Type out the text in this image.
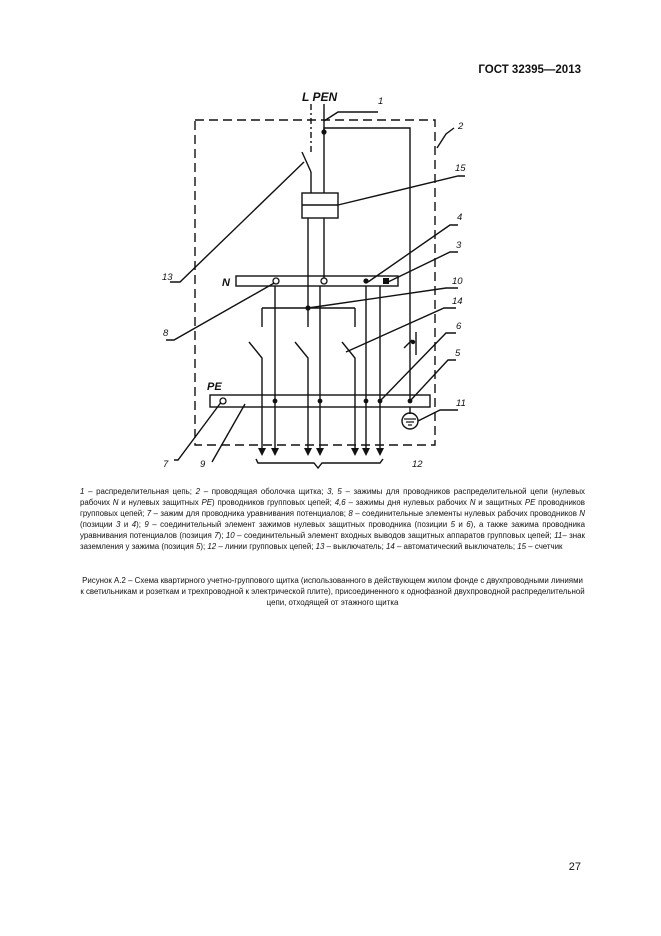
ГОСТ 32395—2013
L PEN
N
PE
1
2
15
4
3
10
14
6
5
11
12
13
8
7	9
1 – распределительная цепь; 2 – проводящая оболочка щитка; 3, 5 – зажимы для проводников распределительной цепи (нулевых рабочих N и нулевых защитных PE) проводников групповых цепей; 4,6 – зажимы дня нулевых рабочих N и защитных PE проводников групповых цепей; 7 – зажим для проводника уравнивания потенциалов; 8 – соединительные элементы нулевых рабочих проводников N (позиции 3 и 4); 9 – соединительный элемент зажимов нулевых защитных проводника (позиции 5 и 6), а также зажима проводника уравнивания потенциалов (позиция 7); 10 – соединительный элемент входных выводов защитных аппаратов групповых цепей; 11– знак заземления у зажима (позиция 5); 12 – линии групповых цепей; 13 – выключатель; 14 – автоматический выключатель; 15 – счетчик
Рисунок А.2 – Схема квартирного учетно-группового щитка (использованного в действующем жилом фонде с двухпроводными линиями к светильникам и розеткам и трехпроводной к электрической плите), присоединенного к однофазной двухпроводной распределительной цепи, отходящей от этажного щитка
27
